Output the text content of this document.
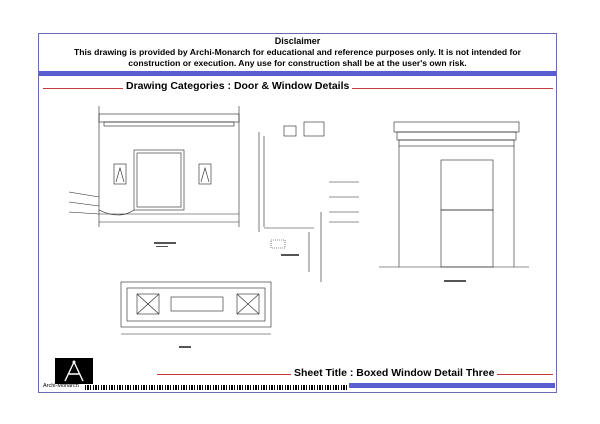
Disclaimer
This drawing is provided by Archi-Monarch for educational and reference purposes only. It is not intended for construction or execution. Any use for construction shall be at the user's own risk.
Drawing Categories : Door & Window Details
Sheet Title : Boxed Window Detail Three
Archi-Monarch
